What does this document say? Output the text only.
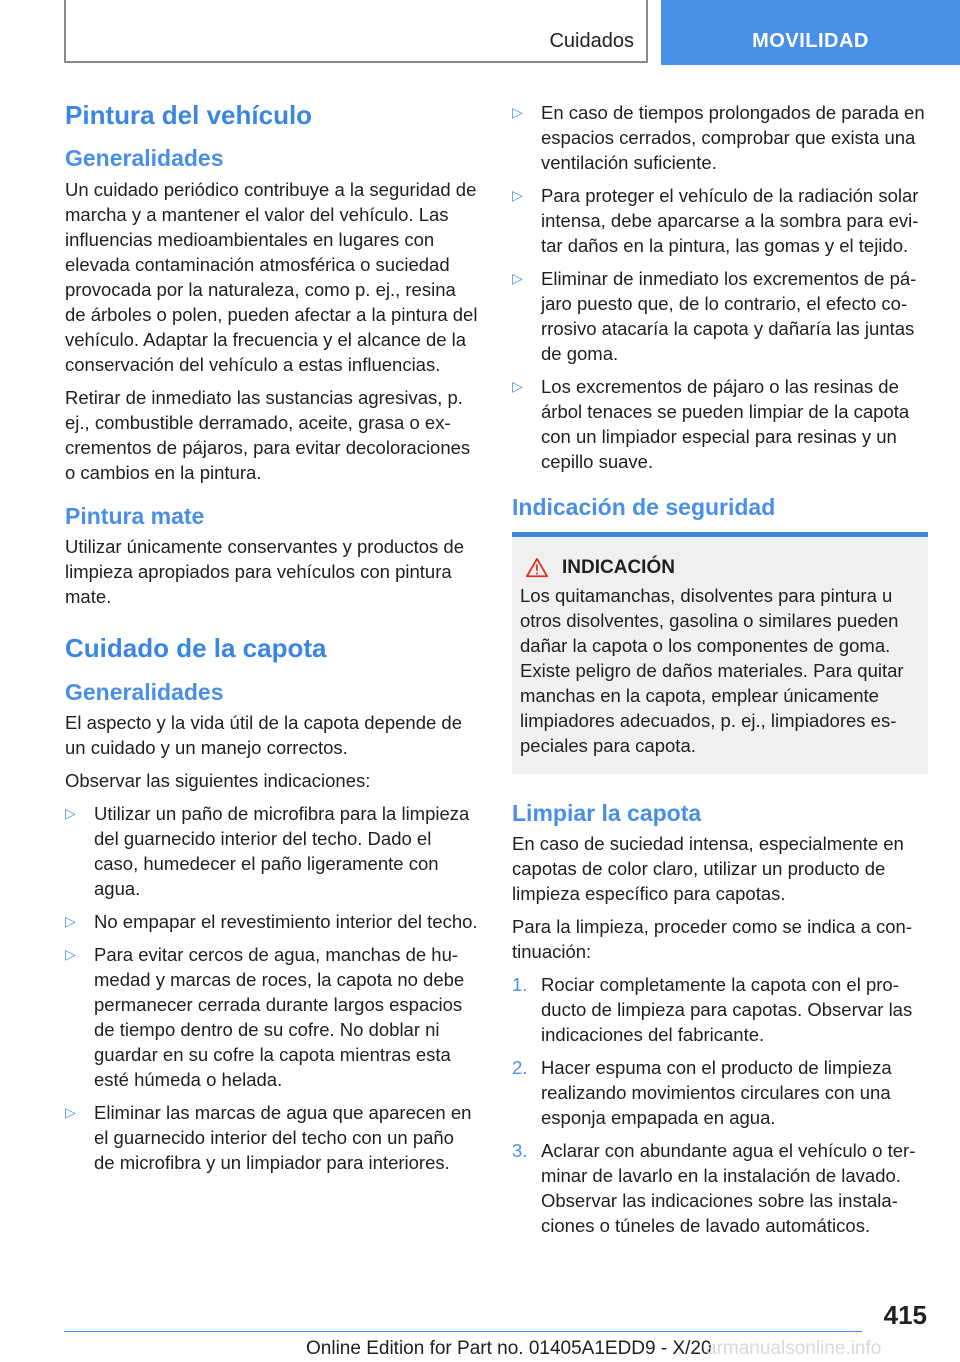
Cuidados	MOVILIDAD
Pintura del vehículo
Generalidades

Un cuidado periódico contribuye a la seguridad de marcha y a mantener el valor del vehículo. Las influencias medioambientales en lugares con elevada contaminación atmosférica o suciedad provocada por la naturaleza, como p. ej., resina de árboles o polen, pueden afectar a la pintura del vehículo. Adaptar la frecuencia y el alcance de la conservación del vehículo a estas influencias.

Retirar de inmediato las sustancias agresivas, p. ej., combustible derramado, aceite, grasa o excrementos de pájaros, para evitar decoloraciones o cambios en la pintura.

Pintura mate

Utilizar únicamente conservantes y productos de limpieza apropiados para vehículos con pintura mate.

Cuidado de la capota
Generalidades

El aspecto y la vida útil de la capota depende de un cuidado y un manejo correctos.

Observar las siguientes indicaciones:

▷ Utilizar un paño de microfibra para la limpieza del guarnecido interior del techo. Dado el caso, humedecer el paño ligeramente con agua.
▷ No empapar el revestimiento interior del techo.
▷ Para evitar cercos de agua, manchas de humedad y marcas de roces, la capota no debe permanecer cerrada durante largos espacios de tiempo dentro de su cofre. No doblar ni guardar en su cofre la capota mientras esta esté húmeda o helada.
▷ Eliminar las marcas de agua que aparecen en el guarnecido interior del techo con un paño de microfibra y un limpiador para interiores.
▷ En caso de tiempos prolongados de parada en espacios cerrados, comprobar que exista una ventilación suficiente.
▷ Para proteger el vehículo de la radiación solar intensa, debe aparcarse a la sombra para evitar daños en la pintura, las gomas y el tejido.
▷ Eliminar de inmediato los excrementos de pájaro puesto que, de lo contrario, el efecto corrosivo atacaría la capota y dañaría las juntas de goma.
▷ Los excrementos de pájaro o las resinas de árbol tenaces se pueden limpiar de la capota con un limpiador especial para resinas y un cepillo suave.
Indicación de seguridad
INDICACIÓN

Los quitamanchas, disolventes para pintura u otros disolventes, gasolina o similares pueden dañar la capota o los componentes de goma. Existe peligro de daños materiales. Para quitar manchas en la capota, emplear únicamente limpiadores adecuados, p. ej., limpiadores especiales para capota.

Limpiar la capota

En caso de suciedad intensa, especialmente en capotas de color claro, utilizar un producto de limpieza específico para capotas.

Para la limpieza, proceder como se indica a continuación:

1. Rociar completamente la capota con el producto de limpieza para capotas. Observar las indicaciones del fabricante.
2. Hacer espuma con el producto de limpieza realizando movimientos circulares con una esponja empapada en agua.
3. Aclarar con abundante agua el vehículo o terminar de lavarlo en la instalación de lavado. Observar las indicaciones sobre las instalaciones o túneles de lavado automáticos.
415
Online Edition for Part no. 01405A1EDD9 - X/20
armanualsonline.info
